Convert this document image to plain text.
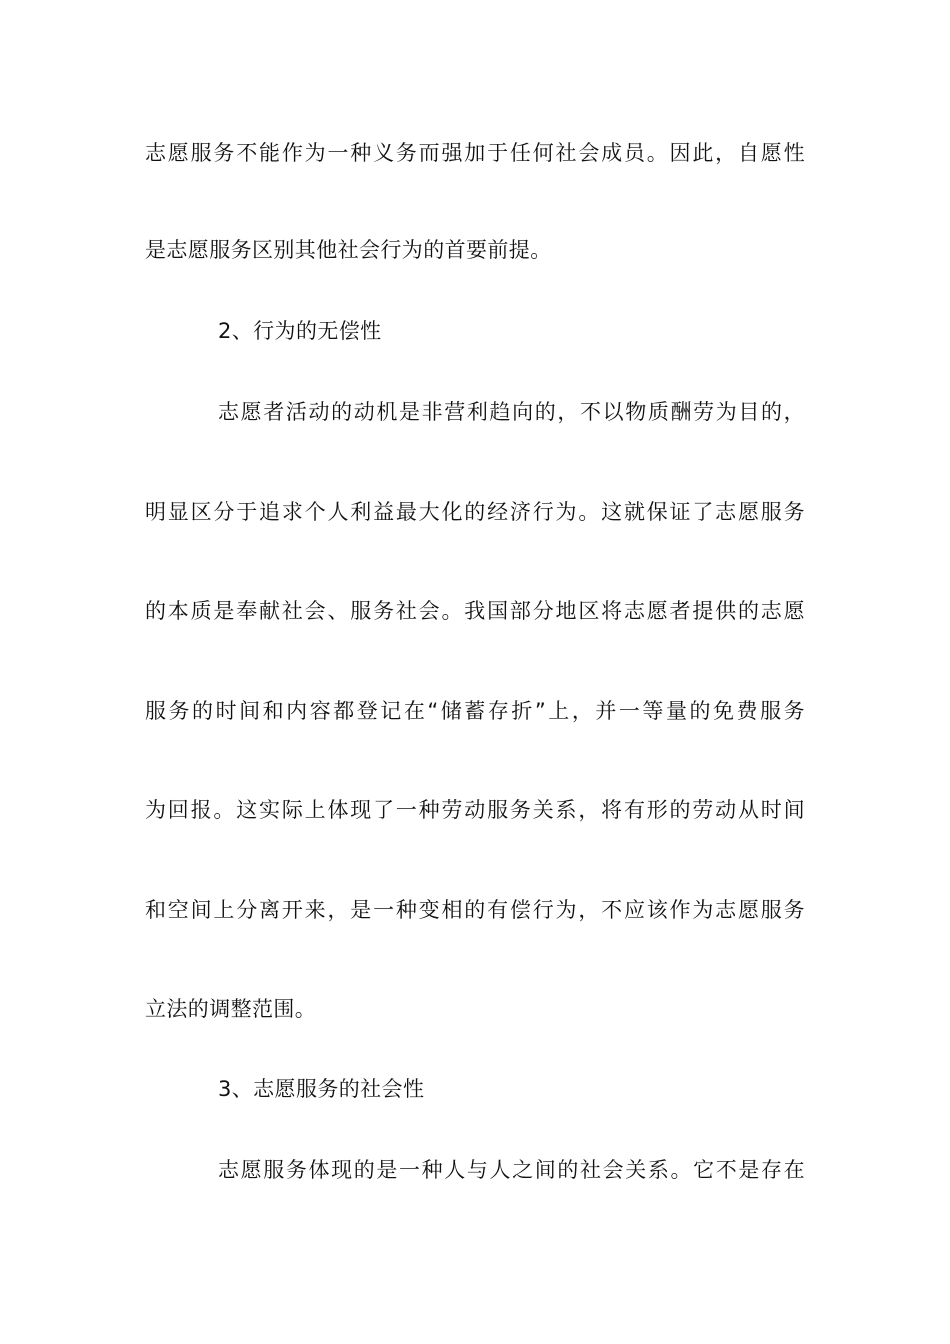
志愿服务不能作为一种义务而强加于任何社会成员。因此，自愿性
是志愿服务区别其他社会行为的首要前提。
2、行为的无偿性
志愿者活动的动机是非营利趋向的，不以物质酬劳为目的，
明显区分于追求个人利益最大化的经济行为。这就保证了志愿服务
的本质是奉献社会、服务社会。我国部分地区将志愿者提供的志愿
服务的时间和内容都登记在“储蓄存折”上，并一等量的免费服务
为回报。这实际上体现了一种劳动服务关系，将有形的劳动从时间
和空间上分离开来，是一种变相的有偿行为，不应该作为志愿服务
立法的调整范围。
3、志愿服务的社会性
志愿服务体现的是一种人与人之间的社会关系。它不是存在
